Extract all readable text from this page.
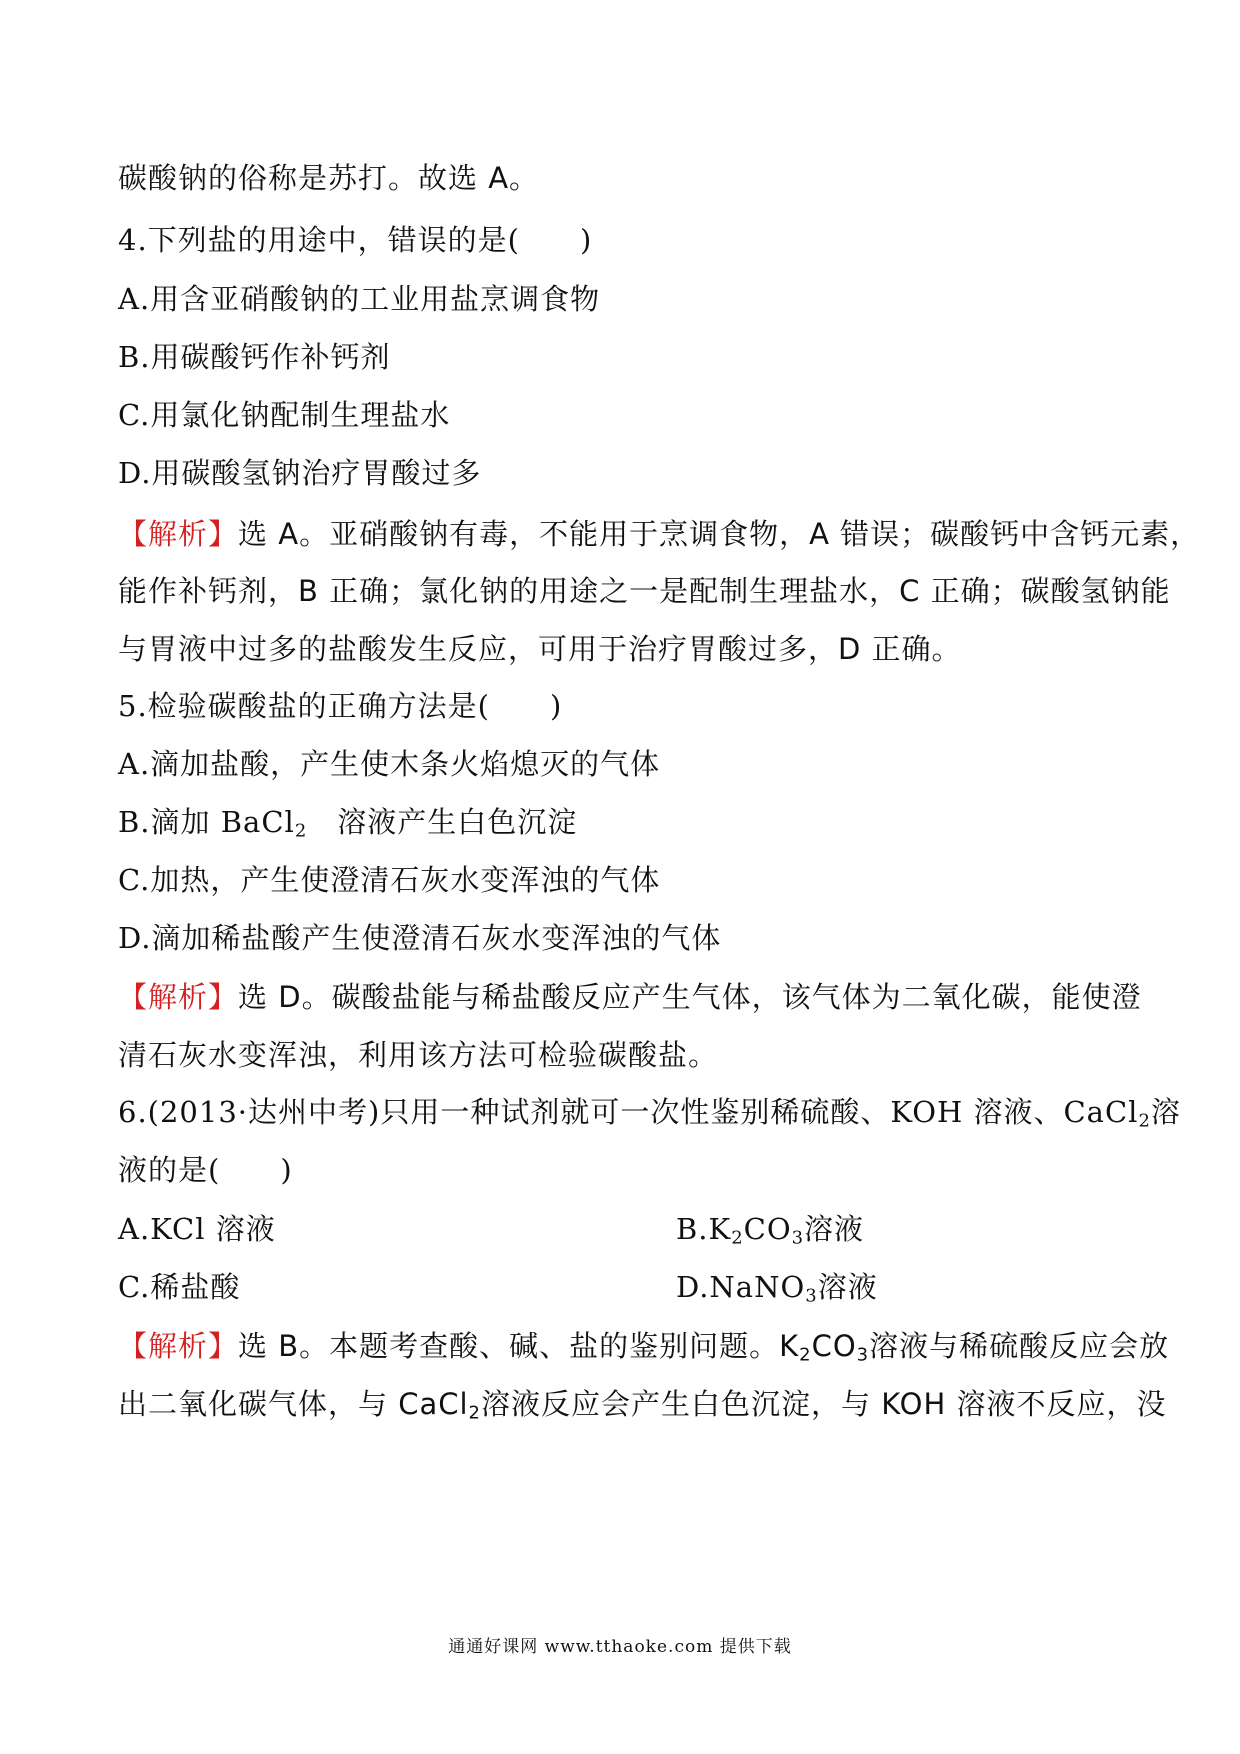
碳酸钠的俗称是苏打。故选 A。
4.下列盐的用途中，错误的是( )
A.用含亚硝酸钠的工业用盐烹调食物
B.用碳酸钙作补钙剂
C.用氯化钠配制生理盐水
D.用碳酸氢钠治疗胃酸过多
【解析】选 A。亚硝酸钠有毒，不能用于烹调食物，A 错误；碳酸钙中含钙元素，
能作补钙剂，B 正确；氯化钠的用途之一是配制生理盐水，C 正确；碳酸氢钠能
与胃液中过多的盐酸发生反应，可用于治疗胃酸过多，D 正确。
5.检验碳酸盐的正确方法是( )
A.滴加盐酸，产生使木条火焰熄灭的气体
B.滴加 BaCl$_2$ 溶液产生白色沉淀
C.加热，产生使澄清石灰水变浑浊的气体
D.滴加稀盐酸产生使澄清石灰水变浑浊的气体
【解析】选 D。碳酸盐能与稀盐酸反应产生气体，该气体为二氧化碳，能使澄
清石灰水变浑浊，利用该方法可检验碳酸盐。
6.(2013·达州中考)只用一种试剂就可一次性鉴别稀硫酸、KOH 溶液、CaCl$_2$溶
液的是( )
A.KCl 溶液	$B.K_2CO_3$溶液
C.稀盐酸	D.NaNO$_3$溶液
【解析】选 B。本题考查酸、碱、盐的鉴别问题。$K_2CO_3$溶液与稀硫酸反应会放
出二氧化碳气体，与 CaCl$_2$溶液反应会产生白色沉淀，与 KOH 溶液不反应，没
通通好课网 www.tthaoke.com 提供下载
